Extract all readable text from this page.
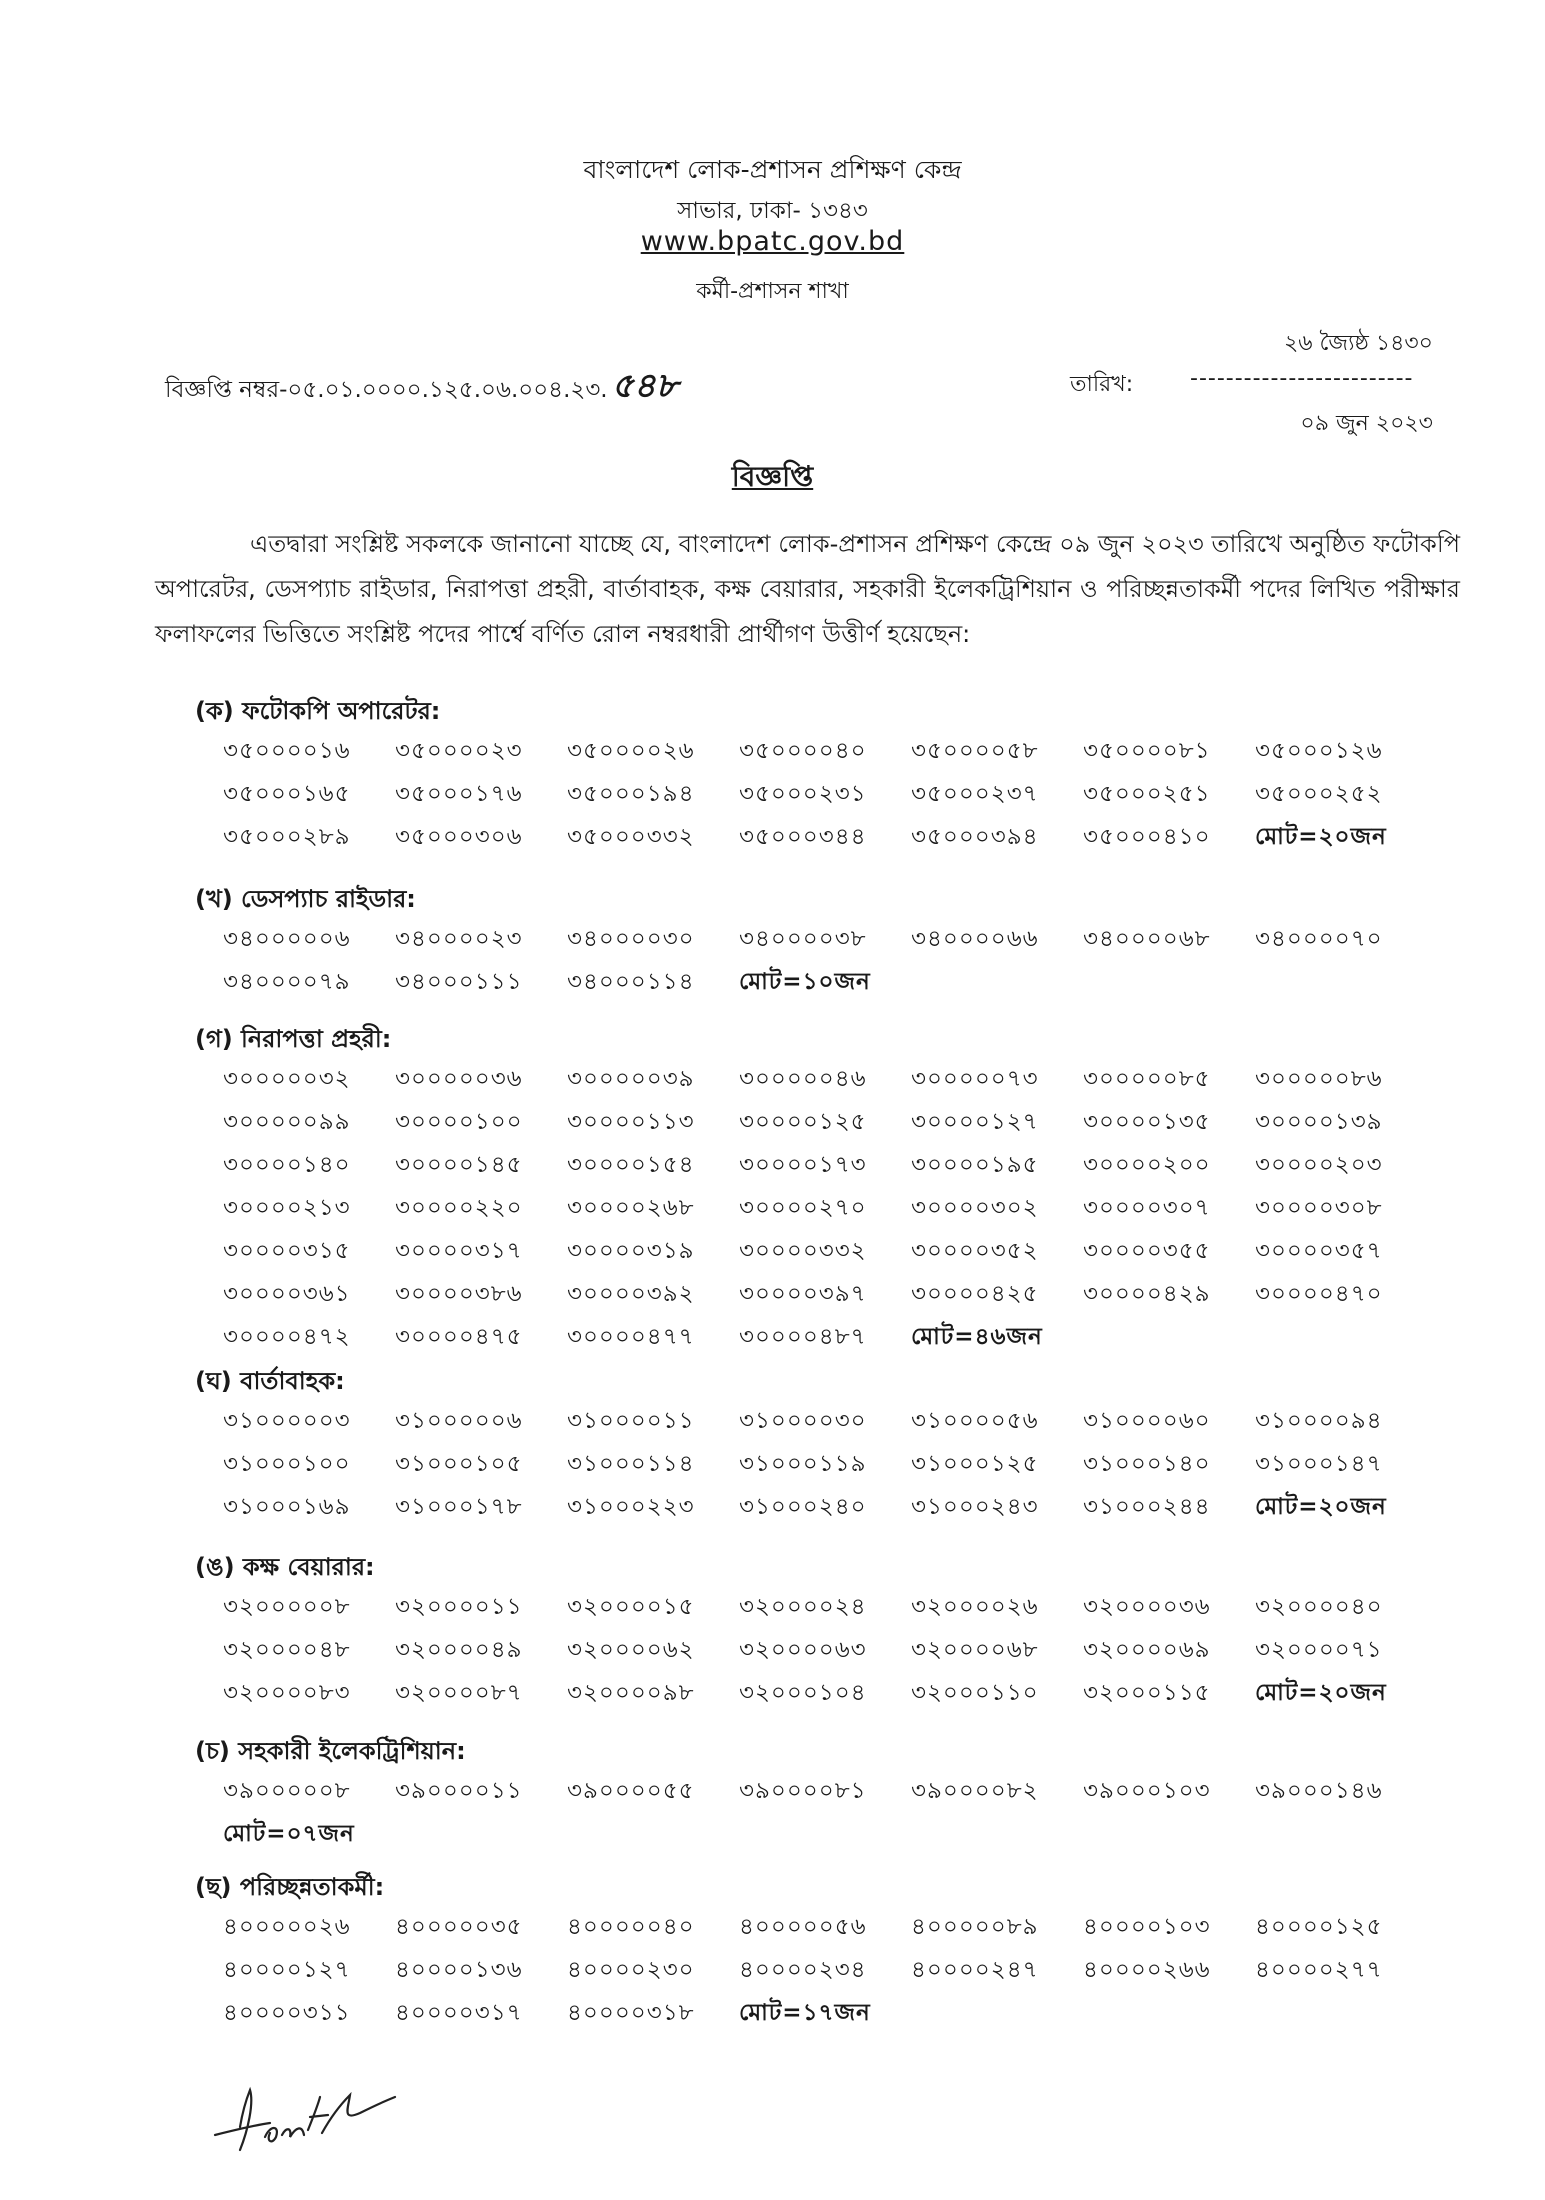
বাংলাদেশ লোক-প্রশাসন প্রশিক্ষণ কেন্দ্র
সাভার, ঢাকা- ১৩৪৩
www.bpatc.gov.bd
কর্মী-প্রশাসন শাখা
২৬ জ্যৈষ্ঠ ১৪৩০
বিজ্ঞপ্তি নম্বর-০৫.০১.০০০০.১২৫.০৬.০০৪.২৩. ৫৪৮	তারিখ:	-------------------------
০৯ জুন ২০২৩
বিজ্ঞপ্তি
এতদ্বারা সংশ্লিষ্ট সকলকে জানানো যাচ্ছে যে, বাংলাদেশ লোক-প্রশাসন প্রশিক্ষণ কেন্দ্রে ০৯ জুন ২০২৩ তারিখে অনুষ্ঠিত ফটোকপি অপারেটর, ডেসপ্যাচ রাইডার, নিরাপত্তা প্রহরী, বার্তাবাহক, কক্ষ বেয়ারার, সহকারী ইলেকট্রিশিয়ান ও পরিচ্ছন্নতাকর্মী পদের লিখিত পরীক্ষার ফলাফলের ভিত্তিতে সংশ্লিষ্ট পদের পার্শ্বে বর্ণিত রোল নম্বরধারী প্রার্থীগণ উত্তীর্ণ হয়েছেন:
(ক) ফটোকপি অপারেটর:
৩৫০০০০১৬	৩৫০০০০২৩	৩৫০০০০২৬	৩৫০০০০৪০	৩৫০০০০৫৮	৩৫০০০০৮১	৩৫০০০১২৬
৩৫০০০১৬৫	৩৫০০০১৭৬	৩৫০০০১৯৪	৩৫০০০২৩১	৩৫০০০২৩৭	৩৫০০০২৫১	৩৫০০০২৫২
৩৫০০০২৮৯	৩৫০০০৩০৬	৩৫০০০৩৩২	৩৫০০০৩৪৪	৩৫০০০৩৯৪	৩৫০০০৪১০	মোট=২০জন
(খ) ডেসপ্যাচ রাইডার:
৩৪০০০০০৬	৩৪০০০০২৩	৩৪০০০০৩০	৩৪০০০০৩৮	৩৪০০০০৬৬	৩৪০০০০৬৮	৩৪০০০০৭০
৩৪০০০০৭৯	৩৪০০০১১১	৩৪০০০১১৪	মোট=১০জন
(গ) নিরাপত্তা প্রহরী:
৩০০০০০৩২	৩০০০০০৩৬	৩০০০০০৩৯	৩০০০০০৪৬	৩০০০০০৭৩	৩০০০০০৮৫	৩০০০০০৮৬
৩০০০০০৯৯	৩০০০০১০০	৩০০০০১১৩	৩০০০০১২৫	৩০০০০১২৭	৩০০০০১৩৫	৩০০০০১৩৯
৩০০০০১৪০	৩০০০০১৪৫	৩০০০০১৫৪	৩০০০০১৭৩	৩০০০০১৯৫	৩০০০০২০০	৩০০০০২০৩
৩০০০০২১৩	৩০০০০২২০	৩০০০০২৬৮	৩০০০০২৭০	৩০০০০৩০২	৩০০০০৩০৭	৩০০০০৩০৮
৩০০০০৩১৫	৩০০০০৩১৭	৩০০০০৩১৯	৩০০০০৩৩২	৩০০০০৩৫২	৩০০০০৩৫৫	৩০০০০৩৫৭
৩০০০০৩৬১	৩০০০০৩৮৬	৩০০০০৩৯২	৩০০০০৩৯৭	৩০০০০৪২৫	৩০০০০৪২৯	৩০০০০৪৭০
৩০০০০৪৭২	৩০০০০৪৭৫	৩০০০০৪৭৭	৩০০০০৪৮৭	মোট=৪৬জন
(ঘ) বার্তাবাহক:
৩১০০০০০৩	৩১০০০০০৬	৩১০০০০১১	৩১০০০০৩০	৩১০০০০৫৬	৩১০০০০৬০	৩১০০০০৯৪
৩১০০০১০০	৩১০০০১০৫	৩১০০০১১৪	৩১০০০১১৯	৩১০০০১২৫	৩১০০০১৪০	৩১০০০১৪৭
৩১০০০১৬৯	৩১০০০১৭৮	৩১০০০২২৩	৩১০০০২৪০	৩১০০০২৪৩	৩১০০০২৪৪	মোট=২০জন
(ঙ) কক্ষ বেয়ারার:
৩২০০০০০৮	৩২০০০০১১	৩২০০০০১৫	৩২০০০০২৪	৩২০০০০২৬	৩২০০০০৩৬	৩২০০০০৪০
৩২০০০০৪৮	৩২০০০০৪৯	৩২০০০০৬২	৩২০০০০৬৩	৩২০০০০৬৮	৩২০০০০৬৯	৩২০০০০৭১
৩২০০০০৮৩	৩২০০০০৮৭	৩২০০০০৯৮	৩২০০০১০৪	৩২০০০১১০	৩২০০০১১৫	মোট=২০জন
(চ) সহকারী ইলেকট্রিশিয়ান:
৩৯০০০০০৮	৩৯০০০০১১	৩৯০০০০৫৫	৩৯০০০০৮১	৩৯০০০০৮২	৩৯০০০১০৩	৩৯০০০১৪৬
মোট=০৭জন
(ছ) পরিচ্ছন্নতাকর্মী:
৪০০০০০২৬	৪০০০০০৩৫	৪০০০০০৪০	৪০০০০০৫৬	৪০০০০০৮৯	৪০০০০১০৩	৪০০০০১২৫
৪০০০০১২৭	৪০০০০১৩৬	৪০০০০২৩০	৪০০০০২৩৪	৪০০০০২৪৭	৪০০০০২৬৬	৪০০০০২৭৭
৪০০০০৩১১	৪০০০০৩১৭	৪০০০০৩১৮	মোট=১৭জন
